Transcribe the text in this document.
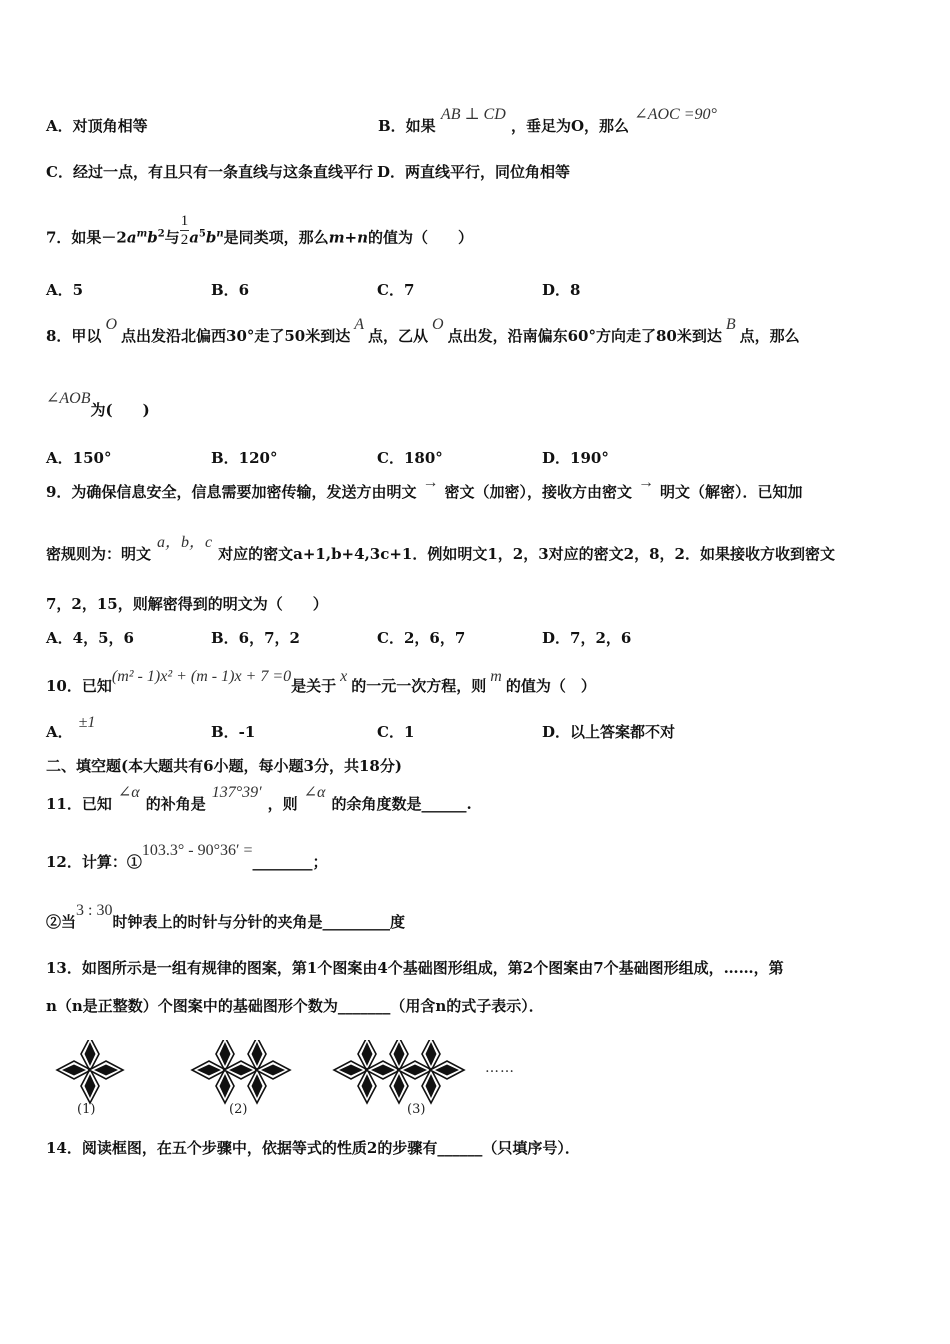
A．对顶角相等	B．如果 AB ⊥ CD ，垂足为O，那么 ∠AOC =90°
C．经过一点，有且只有一条直线与这条直线平行 D．两直线平行，同位角相等
7．如果$-2a^mb^2$与 $\frac{1}{2} a^5b^n$是同类项，那么m+n的值为（　　）
A．5	B．6	C．7	D．8
8．甲以O点出发沿北偏西30°走了50米到达A点，乙从O点出发，沿南偏东60°方向走了80米到达B点，那么
∠AOB为(　　)
A．150°	B．120°	C．180°	D．190°
9．为确保信息安全，信息需要加密传输，发送方由明文→密文（加密），接收方由密文→明文（解密）．已知加
密规则为：明文a，b，c对应的密文a+1,b+4,3c+1．例如明文1，2，3对应的密文2，8，2．如果接收方收到密文
7，2，15，则解密得到的明文为（　　）
A．4，5，6	B．6，7，2	C．2，6，7	D．7，2，6
10．已知(m² - 1)x² + (m - 1)x + 7 =0是关于x的一元一次方程，则m的值为（　）
A．±1
B．-1	C．1	D．以上答案都不对
二、填空题(本大题共有6小题，每小题3分，共18分)
11．已知∠α的补角是137°39′，则∠α的余角度数是______.
12．计算：①103.3° - 90°36′ =________；
②当3 : 30时钟表上的时针与分针的夹角是_________度
13．如图所示是一组有规律的图案，第1个图案由4个基础图形组成，第2个图案由7个基础图形组成，……，第
n（n是正整数）个图案中的基础图形个数为_______（用含n的式子表示）．
(1)	(2)	(3)
……
14．阅读框图，在五个步骤中，依据等式的性质2的步骤有______（只填序号）．
